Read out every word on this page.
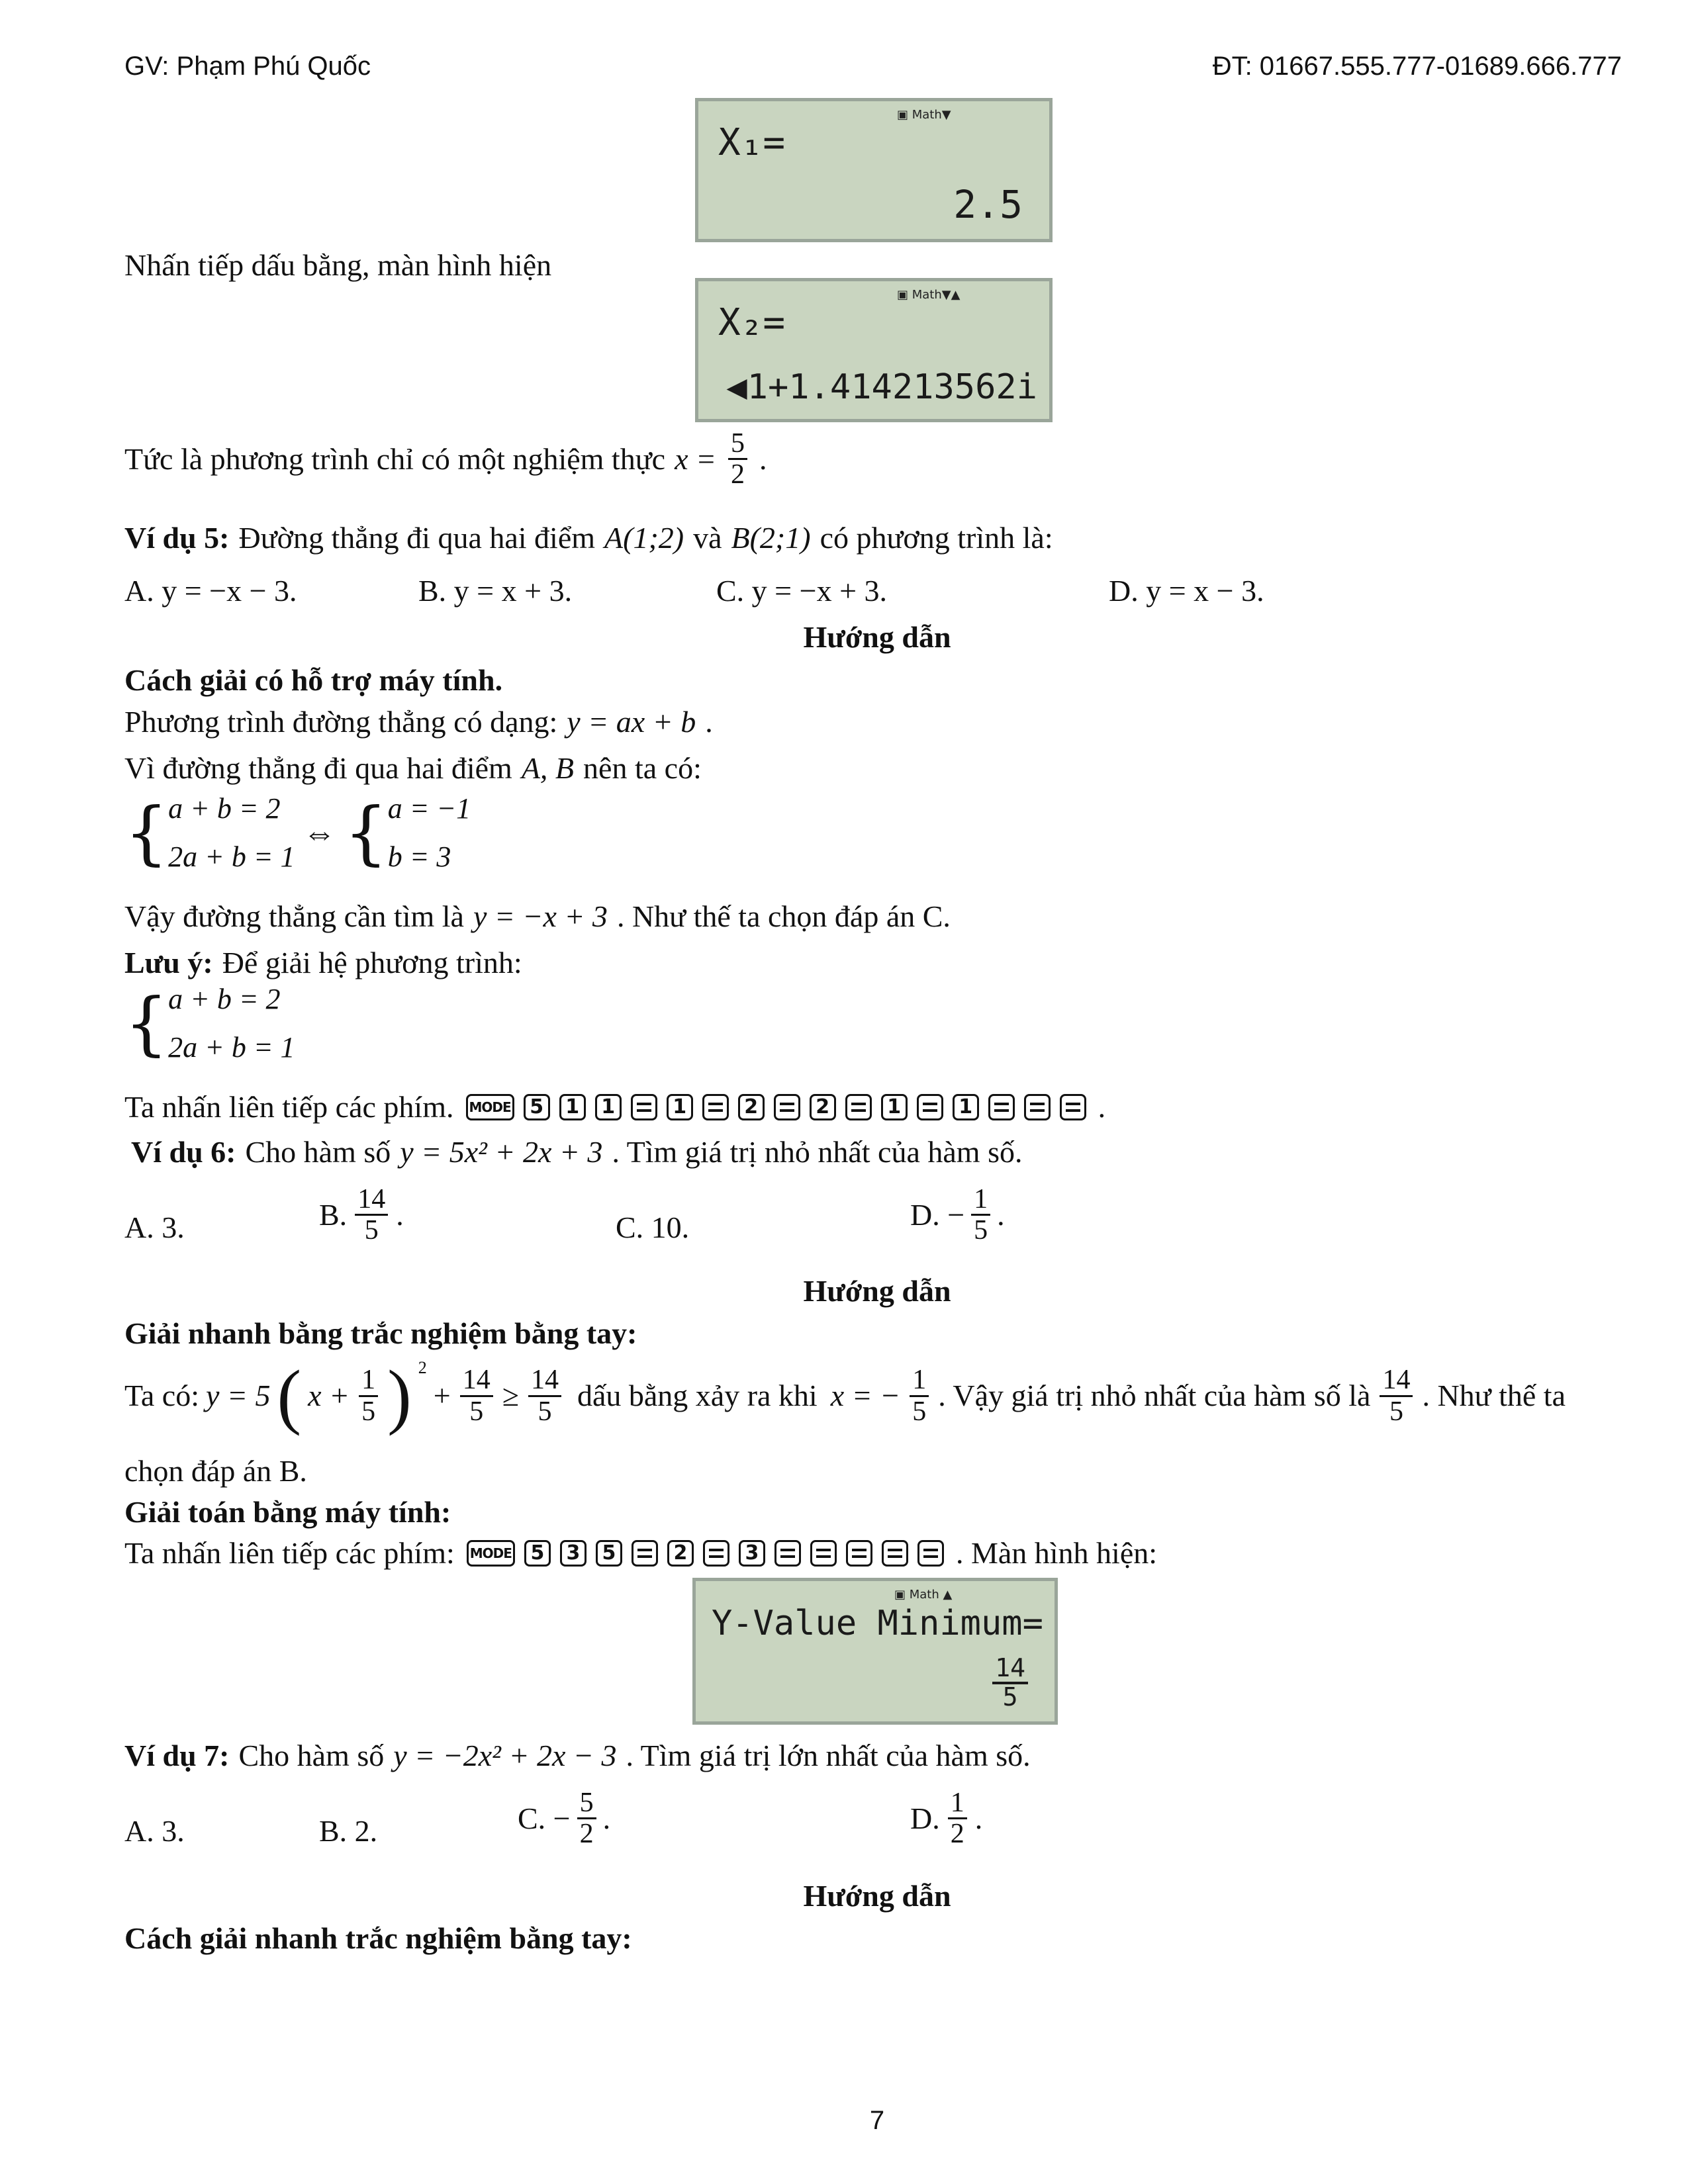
GV: Phạm Phú Quốc	ĐT: 01667.555.777-01689.666.777
▣ Math▼
X₁=
2.5
Nhấn tiếp dấu bằng, màn hình hiện
▣ Math▼▲
X₂=
◀1+1.414213562i
Tức là phương trình chỉ có một nghiệm thực $x = \frac{5}{2}$ .
Ví dụ 5: Đường thẳng đi qua hai điểm A(1;2) và B(2;1) có phương trình là:
A. y = −x − 3.	B. y = x + 3.	C. y = −x + 3.	D. y = x − 3.
Hướng dẫn
Cách giải có hỗ trợ máy tính.
Phương trình đường thẳng có dạng: y = ax + b .
Vì đường thẳng đi qua hai điểm A, B nên ta có:
{ a + b = 2
2a + b = 1
⇔ { a = −1
b = 3
Vậy đường thẳng cần tìm là y = −x + 3 . Như thế ta chọn đáp án C.
Lưu ý: Để giải hệ phương trình:
{ a + b = 2
2a + b = 1
Ta nhấn liên tiếp các phím. MODE 5	1	1	1	2	2	1	1	.
Ví dụ 6: Cho hàm số y = 5x² + 2x + 3 . Tìm giá trị nhỏ nhất của hàm số.
A. 3.	B. $\frac{14}{5}$ .	C. 10.	D. − $\frac{1}{5}$ .
Hướng dẫn
Giải nhanh bằng trắc nghiệm bằng tay:
Ta có: y = 5 ( $x + \frac{1}{5}$ ) 2
+ $\frac{14}{5} \ge \frac{14}{5}$ dấu bằng xảy ra khi x = − $\frac{1}{5}$ . Vậy giá trị nhỏ nhất của hàm số là $\frac{14}{5}$ . Như thế ta
chọn đáp án B.
Giải toán bằng máy tính:
Ta nhấn liên tiếp các phím: MODE 5	3	5	2	3	. Màn hình hiện:
▣ Math ▲
Y-Value Minimum=
14
5
Ví dụ 7: Cho hàm số y = −2x² + 2x − 3 . Tìm giá trị lớn nhất của hàm số.
A. 3.	B. 2.	C. − $\frac{5}{2}$ .	D. $\frac{1}{2}$ .
Hướng dẫn
Cách giải nhanh trắc nghiệm bằng tay:
7
